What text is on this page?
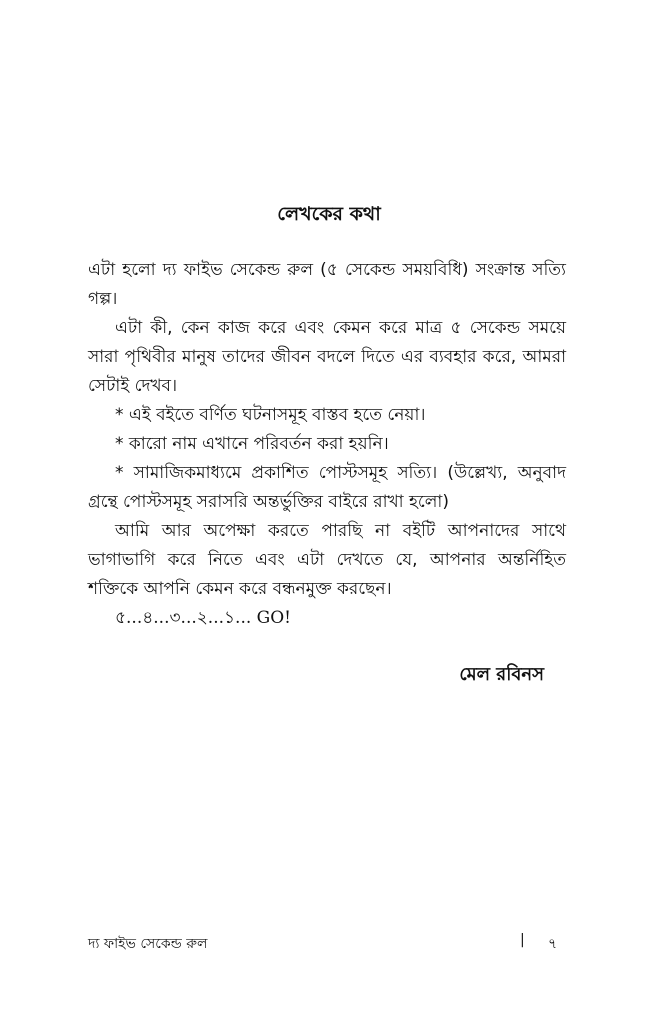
লেখকের কথা

এটা হলো দ্য ফাইভ সেকেন্ড রুল (৫ সেকেন্ড সময়বিধি) সংক্রান্ত সত্যি গল্প।

এটা কী, কেন কাজ করে এবং কেমন করে মাত্র ৫ সেকেন্ড সময়ে সারা পৃথিবীর মানুষ তাদের জীবন বদলে দিতে এর ব্যবহার করে, আমরা সেটাই দেখব।

* এই বইতে বর্ণিত ঘটনাসমূহ বাস্তব হতে নেয়া।

* কারো নাম এখানে পরিবর্তন করা হয়নি।

* সামাজিকমাধ্যমে প্রকাশিত পোস্টসমূহ সত্যি। (উল্লেখ্য, অনুবাদ গ্রন্থে পোস্টসমূহ সরাসরি অন্তর্ভুক্তির বাইরে রাখা হলো)

আমি আর অপেক্ষা করতে পারছি না বইটি আপনাদের সাথে ভাগাভাগি করে নিতে এবং এটা দেখতে যে, আপনার অন্তর্নিহিত শক্তিকে আপনি কেমন করে বন্ধনমুক্ত করছেন।

৫...৪...৩...২...১... GO!

মেল রবিনস
দ্য ফাইভ সেকেন্ড রুল	| ৭
